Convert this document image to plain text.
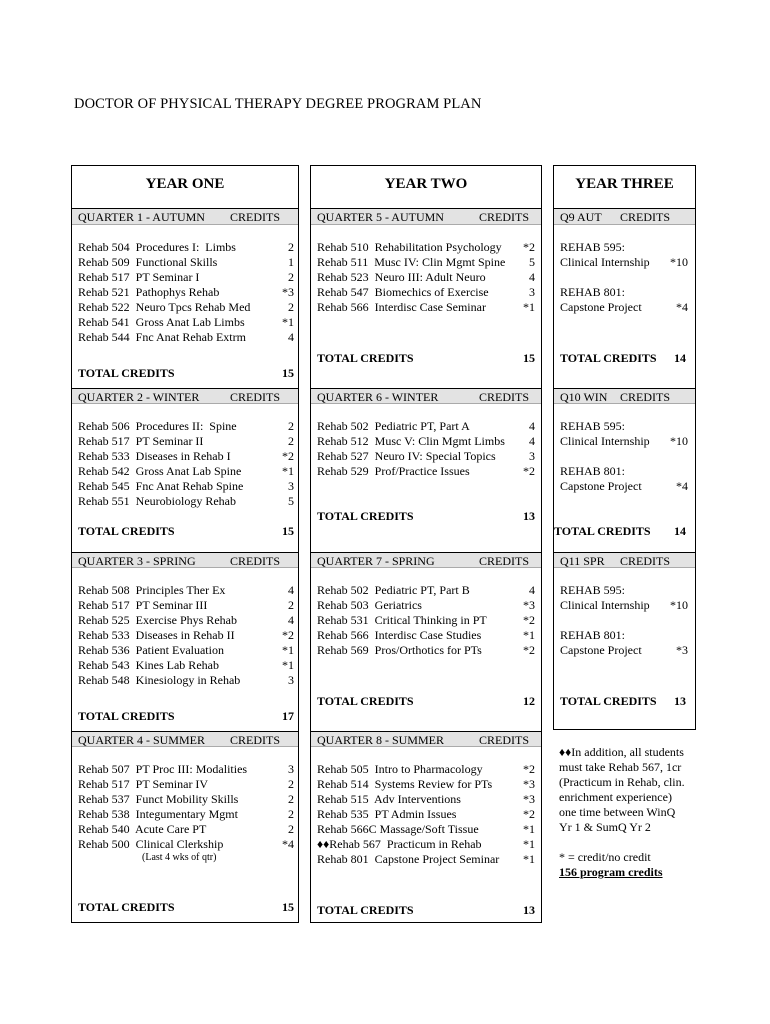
DOCTOR OF PHYSICAL THERAPY DEGREE PROGRAM PLAN
YEAR ONE
QUARTER 1 - AUTUMN CREDITS
Rehab 504  Procedures I:  Limbs	2
Rehab 509  Functional Skills	1
Rehab 517  PT Seminar I	2
Rehab 521  Pathophys Rehab	*3
Rehab 522  Neuro Tpcs Rehab Med	2
Rehab 541  Gross Anat Lab Limbs	*1
Rehab 544  Fnc Anat Rehab Extrm	4
TOTAL CREDITS	15
QUARTER 2 - WINTER	CREDITS
Rehab 506  Procedures II:  Spine	2
Rehab 517  PT Seminar II	2
Rehab 533  Diseases in Rehab I	*2
Rehab 542  Gross Anat Lab Spine	*1
Rehab 545  Fnc Anat Rehab Spine	3
Rehab 551  Neurobiology Rehab	5
TOTAL CREDITS	15
QUARTER 3 - SPRING	CREDITS
Rehab 508  Principles Ther Ex	4
Rehab 517  PT Seminar III	2
Rehab 525  Exercise Phys Rehab	4
Rehab 533  Diseases in Rehab II	*2
Rehab 536  Patient Evaluation	*1
Rehab 543  Kines Lab Rehab	*1
Rehab 548  Kinesiology in Rehab	3
TOTAL CREDITS	17
QUARTER 4 - SUMMER CREDITS
Rehab 507  PT Proc III: Modalities	3
Rehab 517  PT Seminar IV	2
Rehab 537  Funct Mobility Skills	2
Rehab 538  Integumentary Mgmt	2
Rehab 540  Acute Care PT	2
Rehab 500  Clinical Clerkship	*4
(Last 4 wks of qtr)
TOTAL CREDITS	15
YEAR TWO
QUARTER 5 - AUTUMN	CREDITS
Rehab 510  Rehabilitation Psychology *2
Rehab 511  Musc IV: Clin Mgmt Spine 5
Rehab 523  Neuro III: Adult Neuro	4
Rehab 547  Biomechics of Exercise	3
Rehab 566  Interdisc Case Seminar	*1
TOTAL CREDITS	15
QUARTER 6 - WINTER	CREDITS
Rehab 502  Pediatric PT, Part A	4
Rehab 512  Musc V: Clin Mgmt Limbs 4
Rehab 527  Neuro IV: Special Topics	3
Rehab 529  Prof/Practice Issues	*2
TOTAL CREDITS	13
QUARTER 7 - SPRING	CREDITS
Rehab 502  Pediatric PT, Part B	4
Rehab 503  Geriatrics	*3
Rehab 531  Critical Thinking in PT	*2
Rehab 566  Interdisc Case Studies	*1
Rehab 569  Pros/Orthotics for PTs	*2
TOTAL CREDITS	12
QUARTER 8 - SUMMER	CREDITS
Rehab 505  Intro to Pharmacology	*2
Rehab 514  Systems Review for PTs	*3
Rehab 515  Adv Interventions	*3
Rehab 535  PT Admin Issues	*2
Rehab 566C Massage/Soft Tissue	*1
♦♦Rehab 567  Practicum in Rehab	*1
Rehab 801  Capstone Project Seminar *1
TOTAL CREDITS	13
YEAR THREE
Q9 AUT CREDITS
REHAB 595:
Clinical Internship *10
REHAB 801:
Capstone Project	*4
TOTAL CREDITS 14
Q10 WIN CREDITS
REHAB 595:
Clinical Internship *10
REHAB 801:
Capstone Project	*4
TOTAL CREDITS 14
Q11 SPR CREDITS
REHAB 595:
Clinical Internship *10
REHAB 801:
Capstone Project	*3
TOTAL CREDITS 13
♦♦In addition, all students
must take Rehab 567, 1cr
(Practicum in Rehab, clin.
enrichment experience)
one time between WinQ
Yr 1 & SumQ Yr 2
* = credit/no credit
156 program credits
